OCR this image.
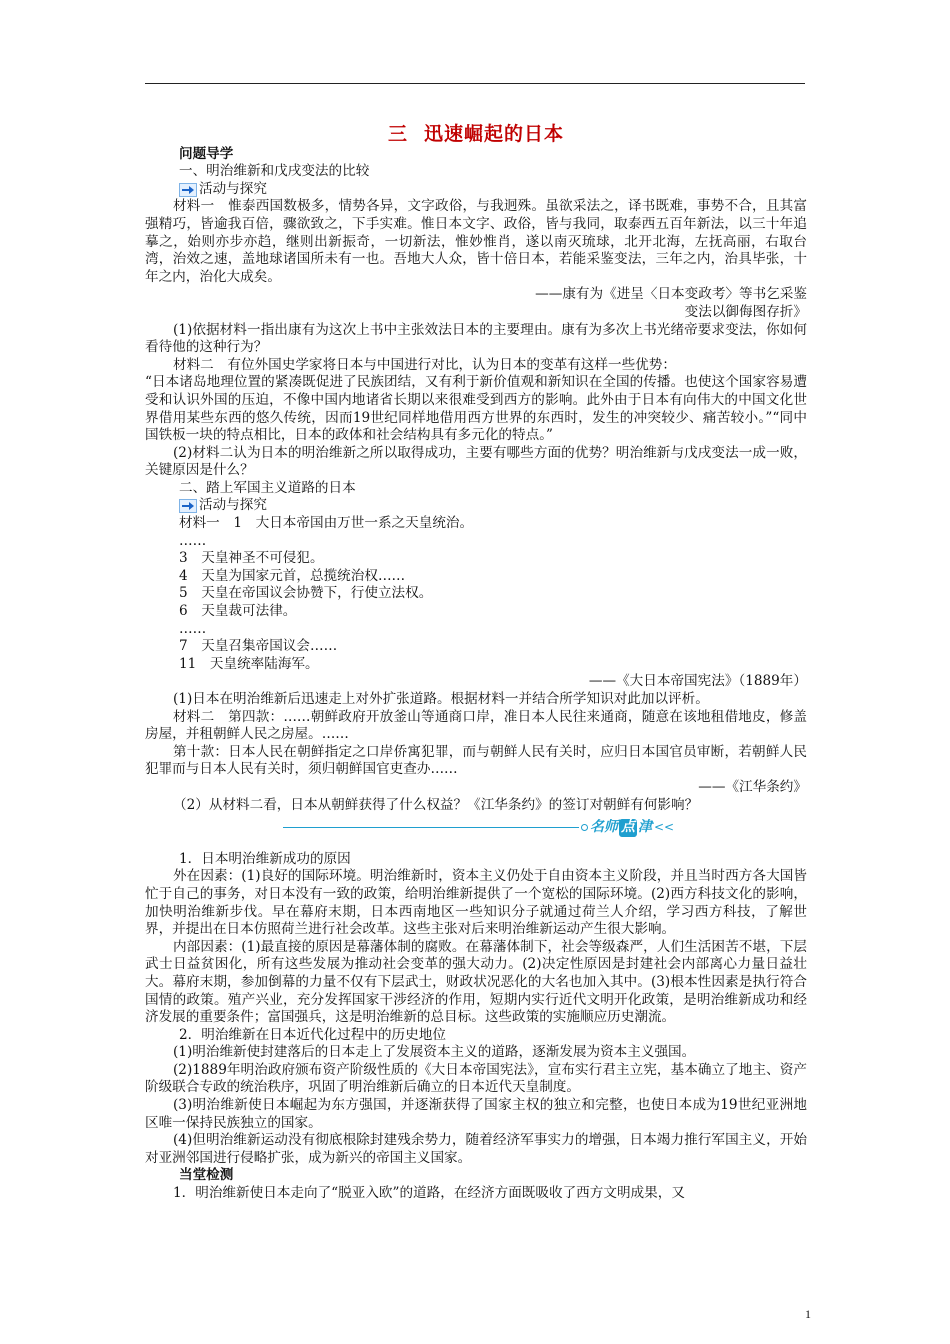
三 迅速崛起的日本
问题导学

一、明治维新和戊戌变法的比较

活动与探究

材料一　惟泰西国数极多，情势各异，文字政俗，与我迥殊。虽欲采法之，译书既难，事势不合，且其富强精巧，皆逾我百倍，骤欲致之，下手实难。惟日本文字、政俗，皆与我同，取泰西五百年新法，以三十年追摹之，始则亦步亦趋，继则出新振奇，一切新法，惟妙惟肖，遂以南灭琉球，北开北海，左抚高丽，右取台湾，治效之速，盖地球诸国所未有一也。吾地大人众，皆十倍日本，若能采鉴变法，三年之内，治具毕张，十年之内，治化大成矣。

——康有为《进呈〈日本变政考〉等书乞采鉴

变法以御侮图存折》

(1)依据材料一指出康有为这次上书中主张效法日本的主要理由。康有为多次上书光绪帝要求变法，你如何看待他的这种行为？

材料二　有位外国史学家将日本与中国进行对比，认为日本的变革有这样一些优势：

“日本诸岛地理位置的紧凑既促进了民族团结，又有利于新价值观和新知识在全国的传播。也使这个国家容易遭受和认识外国的压迫，不像中国内地诸省长期以来很难受到西方的影响。此外由于日本有向伟大的中国文化世界借用某些东西的悠久传统，因而19世纪同样地借用西方世界的东西时，发生的冲突较少、痛苦较小。”“同中国铁板一块的特点相比，日本的政体和社会结构具有多元化的特点。”

(2)材料二认为日本的明治维新之所以取得成功，主要有哪些方面的优势？明治维新与戊戌变法一成一败，关键原因是什么？

二、踏上军国主义道路的日本

活动与探究

材料一　1　大日本帝国由万世一系之天皇统治。

……

3　天皇神圣不可侵犯。

4　天皇为国家元首，总揽统治权……

5　天皇在帝国议会协赞下，行使立法权。

6　天皇裁可法律。

……

7　天皇召集帝国议会……

11　天皇统率陆海军。

——《大日本帝国宪法》（1889年）

(1)日本在明治维新后迅速走上对外扩张道路。根据材料一并结合所学知识对此加以评析。

材料二　第四款：……朝鲜政府开放釜山等通商口岸，准日本人民往来通商，随意在该地租借地皮，修盖房屋，并租朝鲜人民之房屋。……

第十款：日本人民在朝鲜指定之口岸侨寓犯罪，而与朝鲜人民有关时，应归日本国官员审断，若朝鲜人民犯罪而与日本人民有关时，须归朝鲜国官吏查办……

——《江华条约》

（2）从材料二看，日本从朝鲜获得了什么权益？《江华条约》的签订对朝鲜有何影响？

名师 点 津 <<

1．日本明治维新成功的原因

外在因素：(1)良好的国际环境。明治维新时，资本主义仍处于自由资本主义阶段，并且当时西方各大国皆忙于自己的事务，对日本没有一致的政策，给明治维新提供了一个宽松的国际环境。(2)西方科技文化的影响，加快明治维新步伐。早在幕府末期，日本西南地区一些知识分子就通过荷兰人介绍，学习西方科技，了解世界，并提出在日本仿照荷兰进行社会改革。这些主张对后来明治维新运动产生很大影响。

内部因素：(1)最直接的原因是幕藩体制的腐败。在幕藩体制下，社会等级森严，人们生活困苦不堪，下层武士日益贫困化，所有这些发展为推动社会变革的强大动力。(2)决定性原因是封建社会内部离心力量日益壮大。幕府末期，参加倒幕的力量不仅有下层武士，财政状况恶化的大名也加入其中。(3)根本性因素是执行符合国情的政策。殖产兴业，充分发挥国家干涉经济的作用，短期内实行近代文明开化政策，是明治维新成功和经济发展的重要条件；富国强兵，这是明治维新的总目标。这些政策的实施顺应历史潮流。

2．明治维新在日本近代化过程中的历史地位

(1)明治维新使封建落后的日本走上了发展资本主义的道路，逐渐发展为资本主义强国。

(2)1889年明治政府颁布资产阶级性质的《大日本帝国宪法》，宣布实行君主立宪，基本确立了地主、资产阶级联合专政的统治秩序，巩固了明治维新后确立的日本近代天皇制度。

(3)明治维新使日本崛起为东方强国，并逐渐获得了国家主权的独立和完整，也使日本成为19世纪亚洲地区唯一保持民族独立的国家。

(4)但明治维新运动没有彻底根除封建残余势力，随着经济军事实力的增强，日本竭力推行军国主义，开始对亚洲邻国进行侵略扩张，成为新兴的帝国主义国家。

当堂检测

1．明治维新使日本走向了“脱亚入欧”的道路，在经济方面既吸收了西方文明成果，又

1
